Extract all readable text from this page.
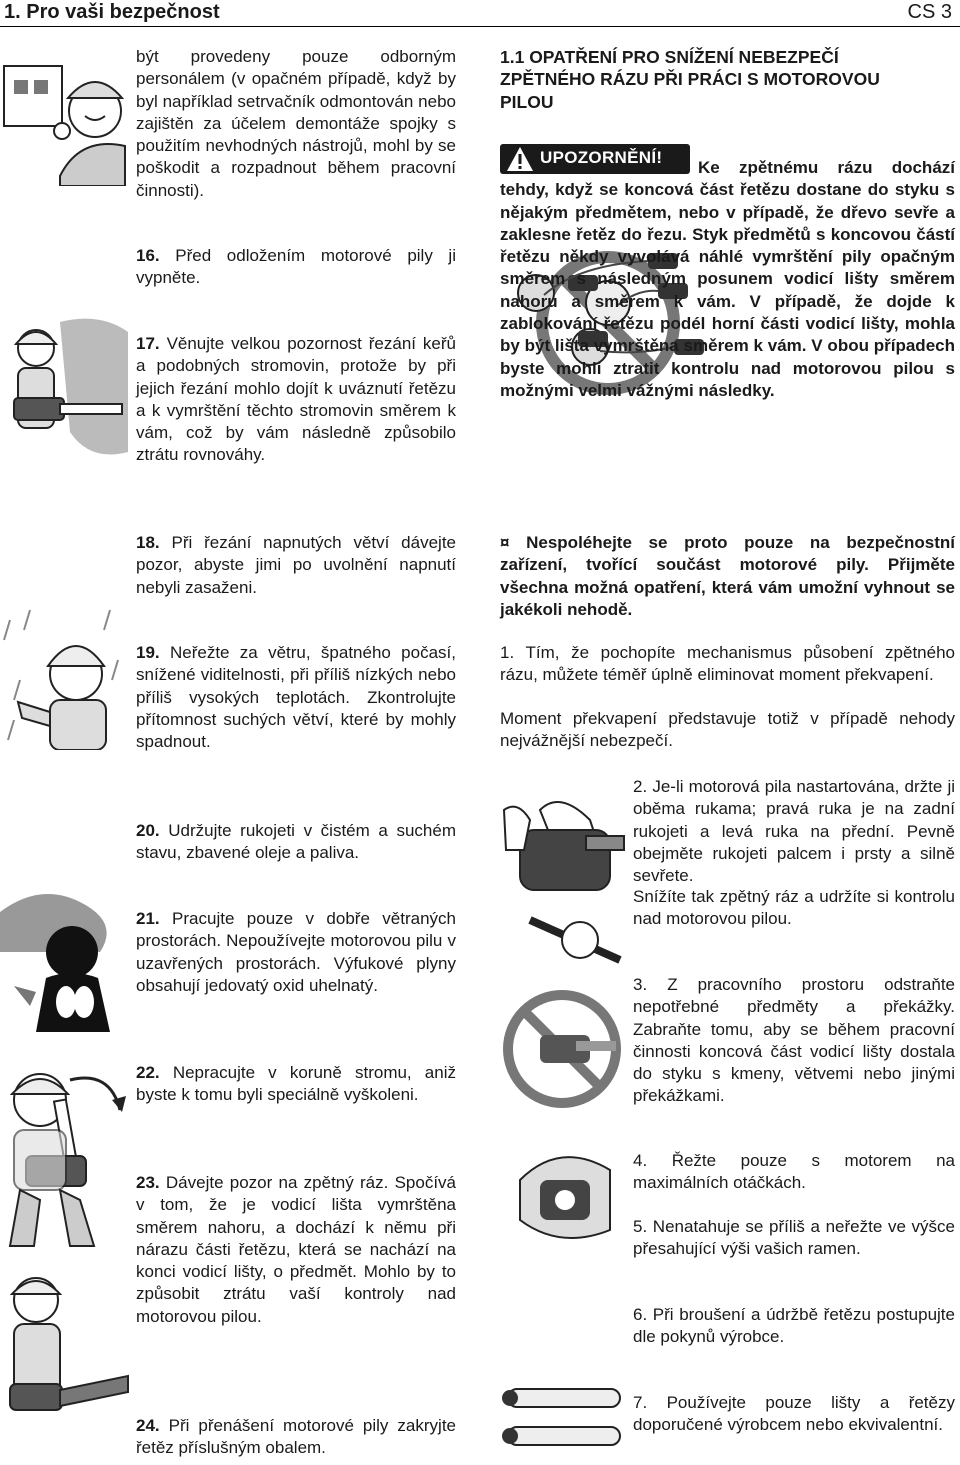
1. Pro vaši bezpečnost	CS 3

být provedeny pouze odborným personálem (v opačném případě, když by byl například setrvačník odmontován nebo zajištěn za účelem demontáže spojky s použitím nevhodných nástrojů, mohl by se poškodit a rozpadnout během pracovní činnosti).

16. Před odložením motorové pily ji vypněte.

17. Věnujte velkou pozornost řezání keřů a podobných stromovin, protože by při jejich řezání mohlo dojít k uváznutí řetězu a k vymrštění těchto stromovin směrem k vám, což by vám následně způsobilo ztrátu rovnováhy.

18. Při řezání napnutých větví dávejte pozor, abyste jimi po uvolnění napnutí nebyli zasaženi.

19. Neřežte za větru, špatného počasí, snížené viditelnosti, při příliš nízkých nebo příliš vysokých teplotách. Zkontrolujte přítomnost suchých větví, které by mohly spadnout.

20. Udržujte rukojeti v čistém a suchém stavu, zbavené oleje a paliva.

21. Pracujte pouze v dobře větraných prostorách. Nepoužívejte motorovou pilu v uzavřených prostorách. Výfukové plyny obsahují jedovatý oxid uhelnatý.

22. Nepracujte v koruně stromu, aniž byste k tomu byli speciálně vyškoleni.

23. Dávejte pozor na zpětný ráz. Spočívá v tom, že je vodicí lišta vymrštěna směrem nahoru, a dochází k němu při nárazu části řetězu, která se nachází na konci vodicí lišty, o předmět. Mohlo by to způsobit ztrátu vaší kontroly nad motorovou pilou.

24. Při přenášení motorové pily zakryjte řetěz příslušným obalem.

1.1 OPATŘENÍ PRO SNÍŽENÍ NEBEZPEČÍ ZPĚTNÉHO RÁZU PŘI PRÁCI S MOTOROVOU PILOU

UPOZORNĚNÍ!

Ke zpětnému rázu dochází tehdy, když se koncová část řetězu dostane do styku s nějakým předmětem, nebo v případě, že dřevo sevře a zaklesne řetěz do řezu. Styk předmětů s koncovou částí řetězu někdy vyvolává náhlé vymrštění pily opačným směrem s následným posunem vodicí lišty směrem nahoru a směrem k vám. V případě, že dojde k zablokování řetězu podél horní části vodicí lišty, mohla by být lišta vymrštěna směrem k vám. V obou případech byste mohli ztratit kontrolu nad motorovou pilou s možnými velmi vážnými následky.

¤ Nespoléhejte se proto pouze na bezpečnostní zařízení, tvořící součást motorové pily. Přijměte všechna možná opatření, která vám umožní vyhnout se jakékoli nehodě.

1. Tím, že pochopíte mechanismus působení zpětného rázu, můžete téměř úplně eliminovat moment překvapení.

Moment překvapení představuje totiž v případě nehody nejvážnější nebezpečí.

2. Je-li motorová pila nastartována, držte ji oběma rukama; pravá ruka je na zadní rukojeti a levá ruka na přední. Pevně obejměte rukojeti palcem i prsty a silně sevřete.

Snížíte tak zpětný ráz a udržíte si kontrolu nad motorovou pilou.

3. Z pracovního prostoru odstraňte nepotřebné předměty a překážky. Zabraňte tomu, aby se během pracovní činnosti koncová část vodicí lišty dostala do styku s kmeny, větvemi nebo jinými překážkami.

4. Řežte pouze s motorem na maximálních otáčkách.

5. Nenatahuje se příliš a neřežte ve výšce přesahující výši vašich ramen.

6. Při broušení a údržbě řetězu postupujte dle pokynů výrobce.

7. Používejte pouze lišty a řetězy doporučené výrobcem nebo ekvivalentní.
